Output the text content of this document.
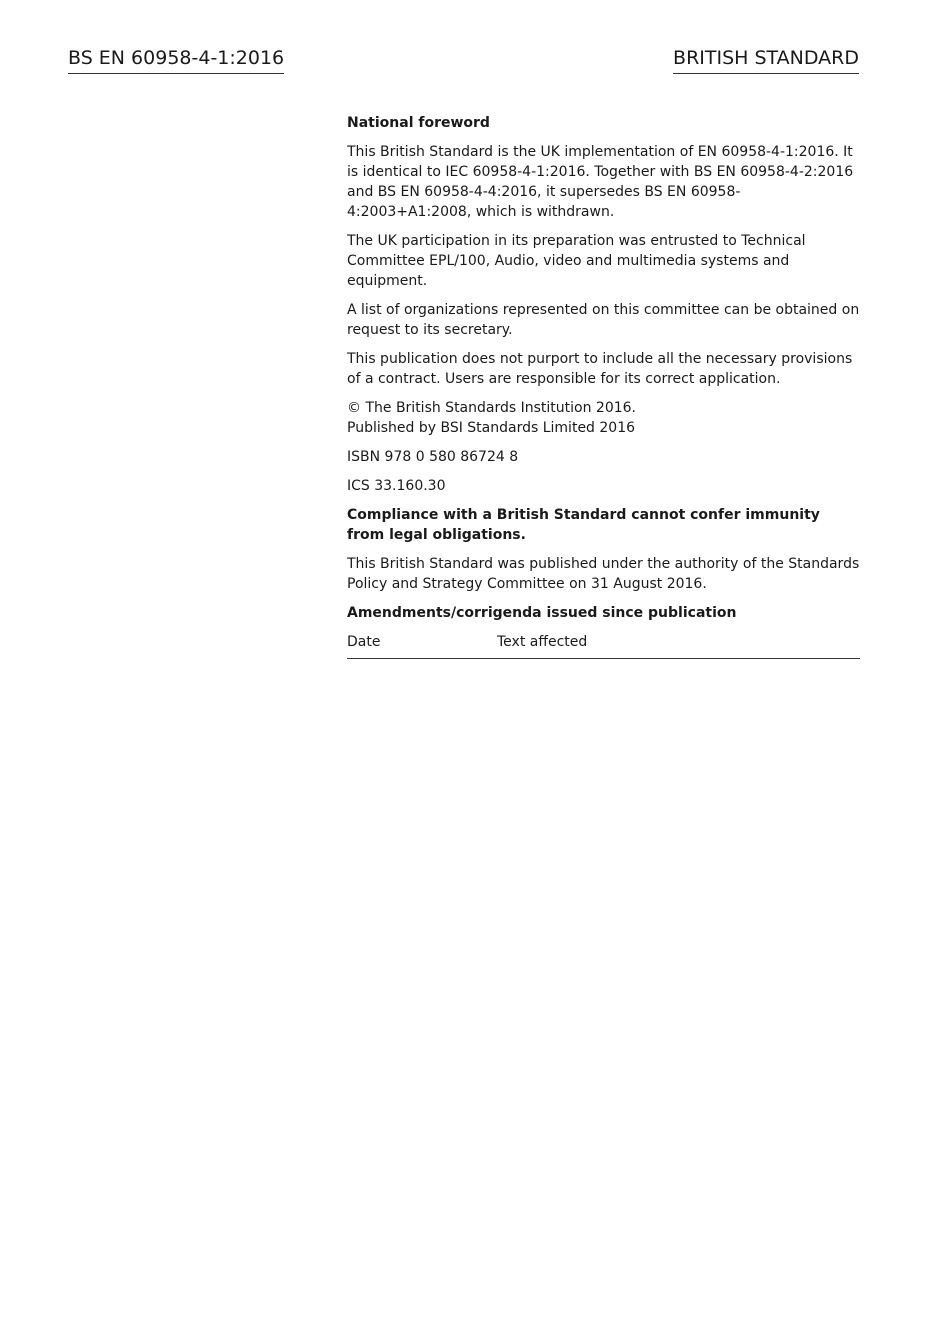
BS EN 60958-4-1:2016	BRITISH STANDARD

National foreword

This British Standard is the UK implementation of EN 60958-4-1:2016. It is identical to IEC 60958-4-1:2016. Together with BS EN 60958-4-2:2016 and BS EN 60958-4-4:2016, it supersedes BS EN 60958-4:2003+A1:2008, which is withdrawn.

The UK participation in its preparation was entrusted to Technical Committee EPL/100, Audio, video and multimedia systems and equipment.

A list of organizations represented on this committee can be obtained on request to its secretary.

This publication does not purport to include all the necessary provisions of a contract. Users are responsible for its correct application.

© The British Standards Institution 2016.
Published by BSI Standards Limited 2016

ISBN 978 0 580 86724 8

ICS 33.160.30

Compliance with a British Standard cannot confer immunity from legal obligations.

This British Standard was published under the authority of the Standards Policy and Strategy Committee on 31 August 2016.

Amendments/corrigenda issued since publication

Date	Text affected
